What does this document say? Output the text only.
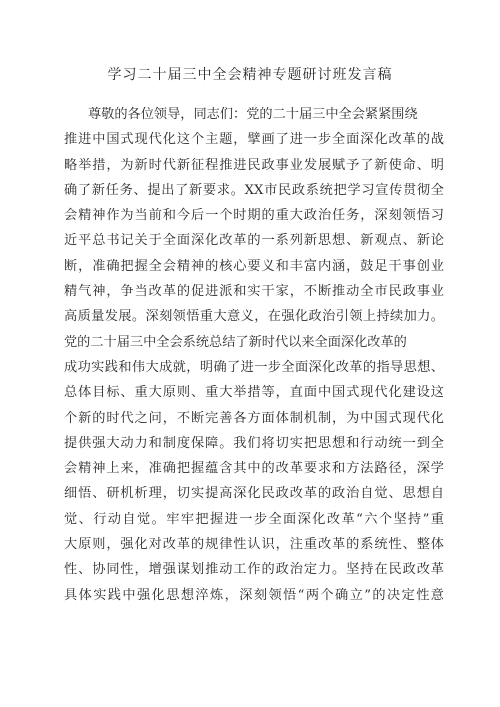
学习二十届三中全会精神专题研讨班发言稿
尊敬的各位领导，同志们：党的二十届三中全会紧紧围绕
推进中国式现代化这个主题，擘画了进一步全面深化改革的战
略举措，为新时代新征程推进民政事业发展赋予了新使命、明
确了新任务、提出了新要求。XX市民政系统把学习宣传贯彻全
会精神作为当前和今后一个时期的重大政治任务，深刻领悟习
近平总书记关于全面深化改革的一系列新思想、新观点、新论
断，准确把握全会精神的核心要义和丰富内涵，鼓足干事创业
精气神，争当改革的促进派和实干家，不断推动全市民政事业
高质量发展。深刻领悟重大意义，在强化政治引领上持续加力。
党的二十届三中全会系统总结了新时代以来全面深化改革的
成功实践和伟大成就，明确了进一步全面深化改革的指导思想、
总体目标、重大原则、重大举措等，直面中国式现代化建设这
个新的时代之问，不断完善各方面体制机制，为中国式现代化
提供强大动力和制度保障。我们将切实把思想和行动统一到全
会精神上来，准确把握蕴含其中的改革要求和方法路径，深学
细悟、研机析理，切实提高深化民政改革的政治自觉、思想自
觉、行动自觉。牢牢把握进一步全面深化改革“六个坚持”重
大原则，强化对改革的规律性认识，注重改革的系统性、整体
性、协同性，增强谋划推动工作的政治定力。坚持在民政改革
具体实践中强化思想淬炼，深刻领悟“两个确立”的决定性意
